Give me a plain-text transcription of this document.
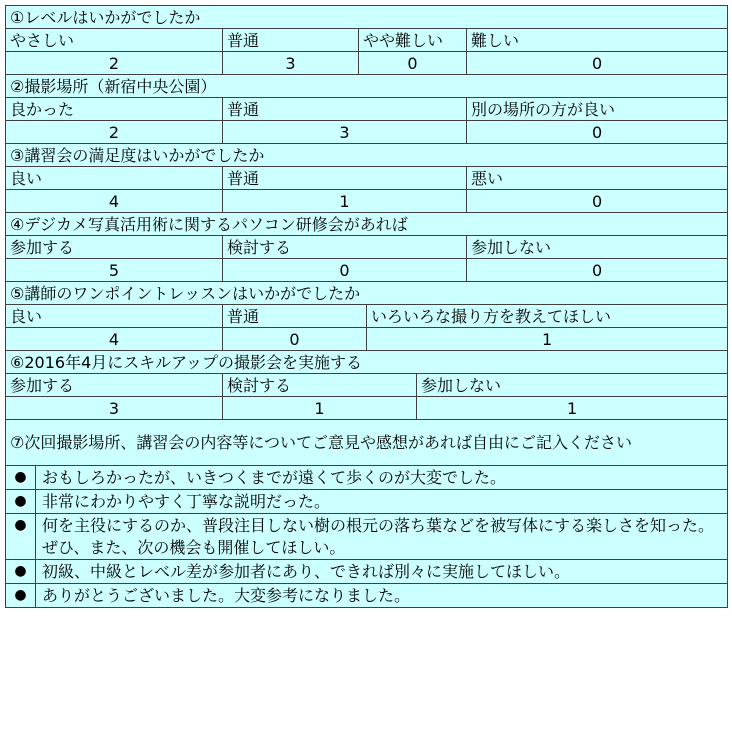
①レベルはいかがでしたか						
やさしい		普通	やや難しい			難しい
2		3	0			0
②撮影場所（新宿中央公園）						
良かった		普通				別の場所の方が良い
2		3				0
③講習会の満足度はいかがでしたか						
良い		普通				悪い
4		1				0
④デジカメ写真活用術に関するパソコン研修会があれば						
参加する		検討する				参加しない
5		0				0
⑤講師のワンポイントレッスンはいかがでしたか						
良い		普通		いろいろな撮り方を教えてほしい		
4		0		1		
⑥2016年4月にスキルアップの撮影会を実施する						
参加する		検討する			参加しない	
3		1			1	
⑦次回撮影場所、講習会の内容等についてご意見や感想があれば自由にご記入ください						
●	おもしろかったが、いきつくまでが遠くて歩くのが大変でした。					
●	非常にわかりやすく丁寧な説明だった。					
●	何を主役にするのか、普段注目しない樹の根元の落ち葉などを被写体にする楽しさを知った。ぜひ、また、次の機会も開催してほしい。					
●	初級、中級とレベル差が参加者にあり、できれば別々に実施してほしい。					
●	ありがとうございました。大変参考になりました。					
